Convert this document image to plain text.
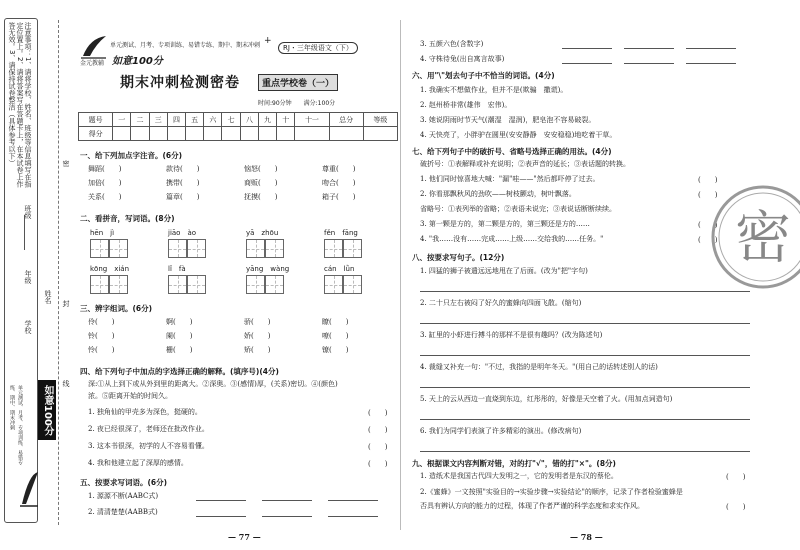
注意事项：1、请将学校、姓名、班级等信息填写在指定位置上。2、请将答案写在答题卡上，在本试卷上作答无效。3、请保持试卷整洁（具体参考以下）
班级
年级
学校
姓名
密
封
线
如意100分
单元测试、月考、专项训练、易错专练、期中、期末冲刺
金元教辅
单元测试、月考、专项训练、易错专练、期中、期末冲刺
如意100分
+
RJ・三年级语文（下）
期末冲刺检测密卷	重点学校卷（一）
时间:90分钟　　满分:100分
题号	一	二	三	四	五	六	七	八	九	十	十一	总分	等级
得分													
一、给下列加点字注音。(6分)
舞蹈(　　)	款待(　　)	恼怒(　　)	尊重(　　)
加倍(　　)	携带(　　)	商贩(　　)	吻合(　　)
关系(　　)	篇章(　　)	抚摸(　　)	箱子(　　)
二、看拼音，写词语。(8分)
hēn　jì	jiāo　ào	yā　zhōu	fěn　fāng
kōng　xián	lǐ　fà	yāng　wàng	cán　lǜn
三、辨字组词。(6分)
伶(　　)	婀(　　)	骄(　　)	瞭(　　)
铃(　　)	阑(　　)	娇(　　)	嘹(　　)
怜(　　)	栅(　　)	矫(　　)	镣(　　)
四、给下列句子中加点的字选择正确的解释。(填序号)(4分)
深:①从上到下或从外到里的距离大。②深奥。③(感情)厚，(关系)密切。④(颜色)
浓。⑤距离开始的时间久。
1. 独角仙的甲壳多为深色，挺硬的。	(　　)
2. 夜已经很深了，老师还在批改作业。	(　　)
3. 这本书很深，初学的人不容易看懂。	(　　)
4. 我和他建立起了深厚的感情。	(　　)
五、按要求写词语。(6分)
1. 源源不断(AABC式)
2. 清清楚楚(AABB式)
— 77 —
3. 五颜六色(含数字)
4. 守株待兔(出自寓言故事)
六、用"\"划去句子中不恰当的词语。(4分)
1. 我确实不想做作业，但并不是(欺骗　撒谎)。
2. 赵州桥非常(雄伟　宏伟)。
3. 她说阴雨时节天气(潮湿　湿润)，肥皂泡不容易破裂。
4. 天快亮了，小胖驴在圆里(安安静静　安安稳稳)地吃着干草。
七、给下列句子中的破折号、省略号选择正确的用法。(4分)
破折号：①表解释或补充说明；②表声音的延长；③表话题的转换。
1. 他们同时惊喜地大喊："漏"哇——"然后都吓停了过去。	(　　)
2. 你看那飘秋风的劲吹——树枝颤动，树叶飘落。	(　　)
省略号：①表列举的省略；②表语未说完；③表说话断断续续。
3. 第一颗是方的，第二颗是方的，第三颗还是方的……	(　　)
4. "我……没有……完成……上级……交给我的……任务。"	(　　)
八、按要求写句子。(12分)
1. 四猛的狮子被遣远远地甩在了后面。(改为"把"字句)
2. 二十只左右被闷了好久的蜜蜂向四面飞散。(缩句)
3. 缸里的小虾进行搏斗的那样不是很有趣吗？(改为陈述句)
4. 裁缝又补充一句："不过，我指的是明年冬天。"(用自己的话转述别人的话)
5. 天上的云从西边一直烧到东边，红彤彤的，好像是天空着了火。(用加点词造句)
6. 我们为同学们表演了许多精彩的演出。(修改病句)
九、根据课文内容判断对错，对的打"√"，错的打"×"。(8分)
1. 造纸术是我国古代四大发明之一，它的发明者是东汉的蔡伦。	(　　)
2.《蜜蜂》一文按照"实验目的→实验步骤→实验结论"的顺序，记录了作者检验蜜蜂是
否具有辨认方向的能力的过程，体现了作者严谨的科学态度和求实作风。	(　　)
— 78 —
密
